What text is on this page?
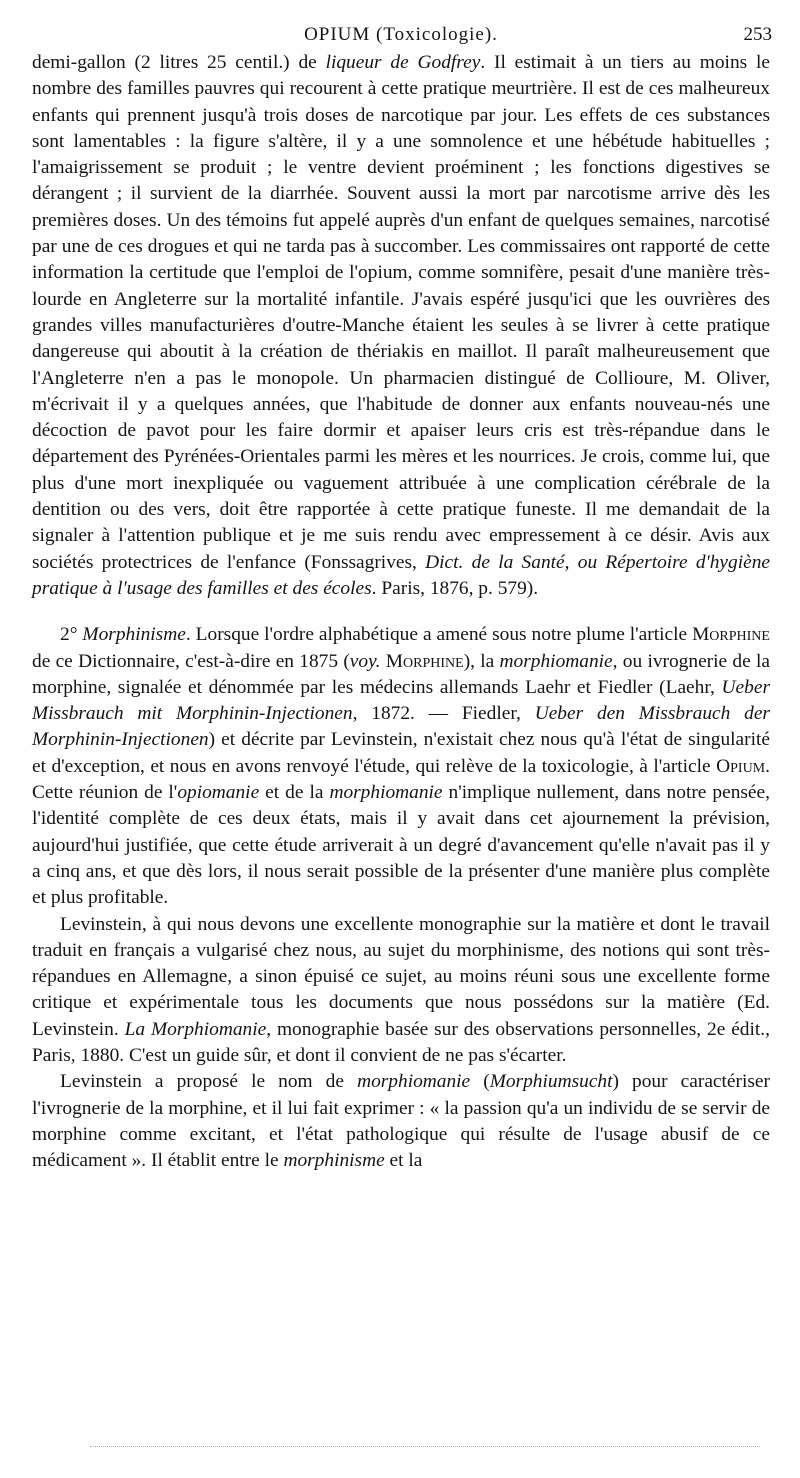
OPIUM (Toxicologie).	253

demi-gallon (2 litres 25 centil.) de liqueur de Godfrey. Il estimait à un tiers au moins le nombre des familles pauvres qui recourent à cette pratique meurtrière. Il est de ces malheureux enfants qui prennent jusqu'à trois doses de narcotique par jour. Les effets de ces substances sont lamentables : la figure s'altère, il y a une somnolence et une hébétude habituelles ; l'amaigrissement se produit ; le ventre devient proéminent ; les fonctions digestives se dérangent ; il survient de la diarrhée. Souvent aussi la mort par narcotisme arrive dès les premières doses. Un des témoins fut appelé auprès d'un enfant de quelques semaines, narcotisé par une de ces drogues et qui ne tarda pas à succomber. Les commissaires ont rapporté de cette information la certitude que l'emploi de l'opium, comme somnifère, pesait d'une manière très-lourde en Angleterre sur la mortalité infantile. J'avais espéré jusqu'ici que les ouvrières des grandes villes manufacturières d'outre-Manche étaient les seules à se livrer à cette pratique dangereuse qui aboutit à la création de thériakis en maillot. Il paraît malheureusement que l'Angleterre n'en a pas le monopole. Un pharmacien distingué de Collioure, M. Oliver, m'écrivait il y a quelques années, que l'habitude de donner aux enfants nouveau-nés une décoction de pavot pour les faire dormir et apaiser leurs cris est très-répandue dans le département des Pyrénées-Orientales parmi les mères et les nourrices. Je crois, comme lui, que plus d'une mort inexpliquée ou vaguement attribuée à une complication cérébrale de la dentition ou des vers, doit être rapportée à cette pratique funeste. Il me demandait de la signaler à l'attention publique et je me suis rendu avec empressement à ce désir. Avis aux sociétés protectrices de l'enfance (Fonssagrives, Dict. de la Santé, ou Répertoire d'hygiène pratique à l'usage des familles et des écoles. Paris, 1876, p. 579).

2° Morphinisme. Lorsque l'ordre alphabétique a amené sous notre plume l'article Morphine de ce Dictionnaire, c'est-à-dire en 1875 (voy. Morphine), la morphiomanie, ou ivrognerie de la morphine, signalée et dénommée par les médecins allemands Laehr et Fiedler (Laehr, Ueber Missbrauch mit Morphinin-Injectionen, 1872. — Fiedler, Ueber den Missbrauch der Morphinin-Injectionen) et décrite par Levinstein, n'existait chez nous qu'à l'état de singularité et d'exception, et nous en avons renvoyé l'étude, qui relève de la toxicologie, à l'article Opium. Cette réunion de l'opiomanie et de la morphiomanie n'implique nullement, dans notre pensée, l'identité complète de ces deux états, mais il y avait dans cet ajournement la prévision, aujourd'hui justifiée, que cette étude arriverait à un degré d'avancement qu'elle n'avait pas il y a cinq ans, et que dès lors, il nous serait possible de la présenter d'une manière plus complète et plus profitable.

Levinstein, à qui nous devons une excellente monographie sur la matière et dont le travail traduit en français a vulgarisé chez nous, au sujet du morphinisme, des notions qui sont très-répandues en Allemagne, a sinon épuisé ce sujet, au moins réuni sous une excellente forme critique et expérimentale tous les documents que nous possédons sur la matière (Ed. Levinstein. La Morphiomanie, monographie basée sur des observations personnelles, 2e édit., Paris, 1880. C'est un guide sûr, et dont il convient de ne pas s'écarter.

Levinstein a proposé le nom de morphiomanie (Morphiumsucht) pour caractériser l'ivrognerie de la morphine, et il lui fait exprimer : « la passion qu'a un individu de se servir de morphine comme excitant, et l'état pathologique qui résulte de l'usage abusif de ce médicament ». Il établit entre le morphinisme et la
